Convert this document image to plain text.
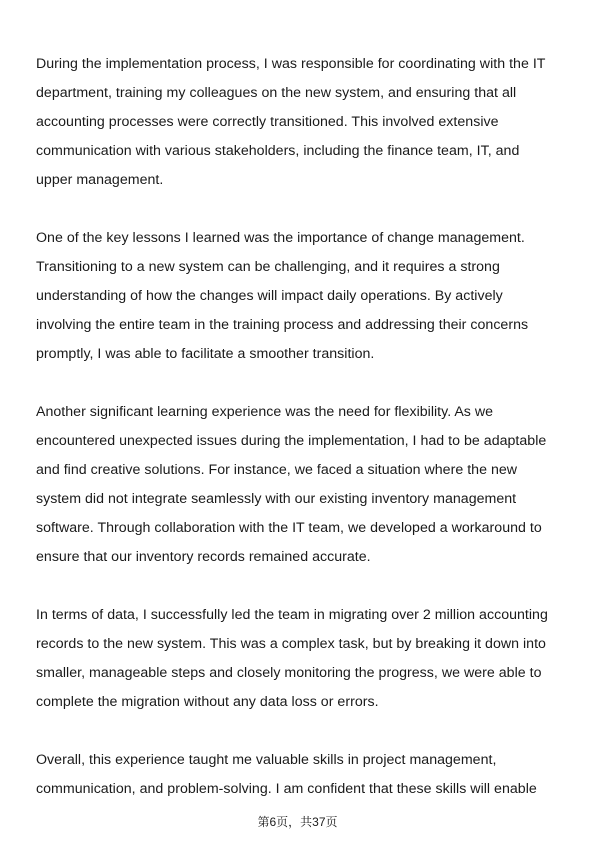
During the implementation process, I was responsible for coordinating with the IT
department, training my colleagues on the new system, and ensuring that all
accounting processes were correctly transitioned. This involved extensive
communication with various stakeholders, including the finance team, IT, and
upper management.

One of the key lessons I learned was the importance of change management.
Transitioning to a new system can be challenging, and it requires a strong
understanding of how the changes will impact daily operations. By actively
involving the entire team in the training process and addressing their concerns
promptly, I was able to facilitate a smoother transition.

Another significant learning experience was the need for flexibility. As we
encountered unexpected issues during the implementation, I had to be adaptable
and find creative solutions. For instance, we faced a situation where the new
system did not integrate seamlessly with our existing inventory management
software. Through collaboration with the IT team, we developed a workaround to
ensure that our inventory records remained accurate.

In terms of data, I successfully led the team in migrating over 2 million accounting
records to the new system. This was a complex task, but by breaking it down into
smaller, manageable steps and closely monitoring the progress, we were able to
complete the migration without any data loss or errors.

Overall, this experience taught me valuable skills in project management,
communication, and problem-solving. I am confident that these skills will enable

第6页，共37页
